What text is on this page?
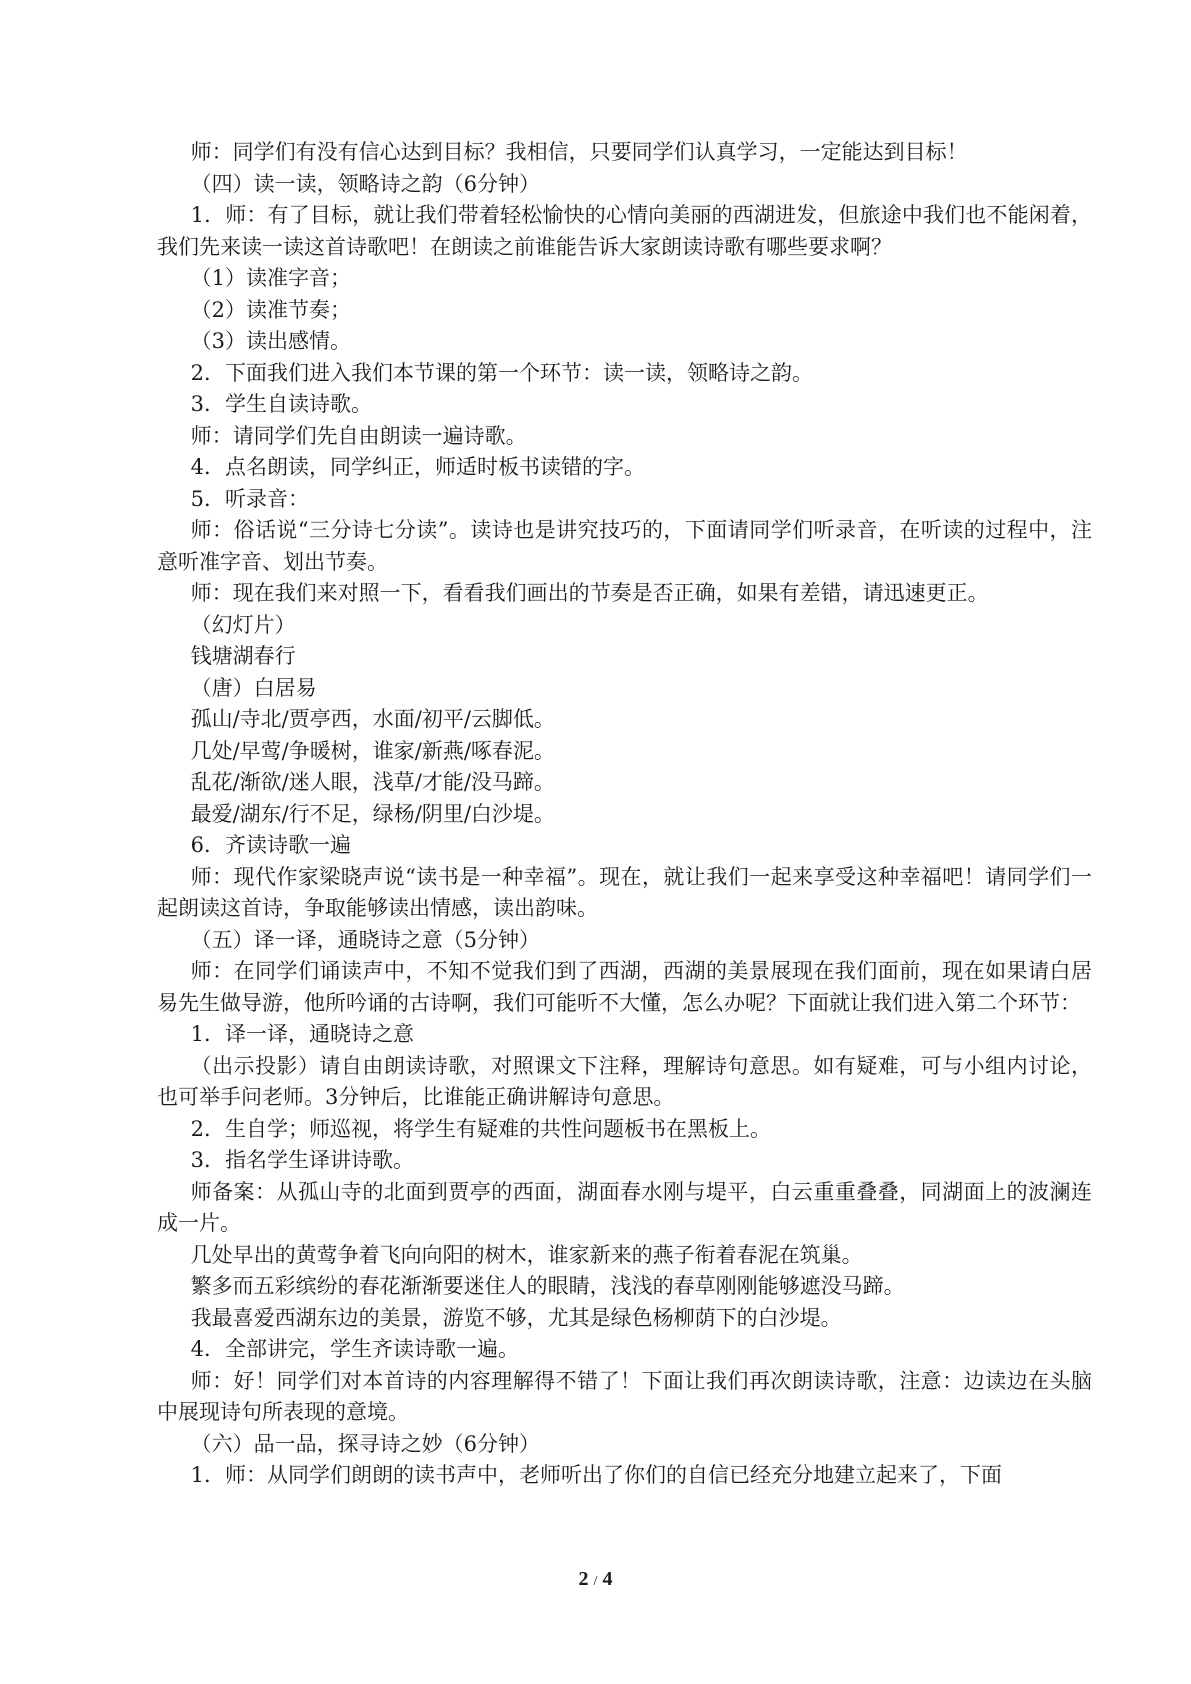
师：同学们有没有信心达到目标？我相信，只要同学们认真学习，一定能达到目标！

（四）读一读，领略诗之韵（6分钟）

1．师：有了目标，就让我们带着轻松愉快的心情向美丽的西湖进发，但旅途中我们也不能闲着，我们先来读一读这首诗歌吧！在朗读之前谁能告诉大家朗读诗歌有哪些要求啊？

（1）读准字音；

（2）读准节奏；

（3）读出感情。

2．下面我们进入我们本节课的第一个环节：读一读，领略诗之韵。

3．学生自读诗歌。

师：请同学们先自由朗读一遍诗歌。

4．点名朗读，同学纠正，师适时板书读错的字。

5．听录音：

师：俗话说“三分诗七分读”。读诗也是讲究技巧的，下面请同学们听录音，在听读的过程中，注意听准字音、划出节奏。

师：现在我们来对照一下，看看我们画出的节奏是否正确，如果有差错，请迅速更正。

（幻灯片）

钱塘湖春行

（唐）白居易

孤山/寺北/贾亭西，水面/初平/云脚低。

几处/早莺/争暖树，谁家/新燕/啄春泥。

乱花/渐欲/迷人眼，浅草/才能/没马蹄。

最爱/湖东/行不足，绿杨/阴里/白沙堤。

6．齐读诗歌一遍

师：现代作家梁晓声说“读书是一种幸福”。现在，就让我们一起来享受这种幸福吧！请同学们一起朗读这首诗，争取能够读出情感，读出韵味。

（五）译一译，通晓诗之意（5分钟）

师：在同学们诵读声中，不知不觉我们到了西湖，西湖的美景展现在我们面前，现在如果请白居易先生做导游，他所吟诵的古诗啊，我们可能听不大懂，怎么办呢？下面就让我们进入第二个环节：

1．译一译，通晓诗之意

（出示投影）请自由朗读诗歌，对照课文下注释，理解诗句意思。如有疑难，可与小组内讨论，也可举手问老师。3分钟后，比谁能正确讲解诗句意思。

2．生自学；师巡视，将学生有疑难的共性问题板书在黑板上。

3．指名学生译讲诗歌。

师备案：从孤山寺的北面到贾亭的西面，湖面春水刚与堤平，白云重重叠叠，同湖面上的波澜连成一片。

几处早出的黄莺争着飞向向阳的树木，谁家新来的燕子衔着春泥在筑巢。

繁多而五彩缤纷的春花渐渐要迷住人的眼睛，浅浅的春草刚刚能够遮没马蹄。

我最喜爱西湖东边的美景，游览不够，尤其是绿色杨柳荫下的白沙堤。

4．全部讲完，学生齐读诗歌一遍。

师：好！同学们对本首诗的内容理解得不错了！下面让我们再次朗读诗歌，注意：边读边在头脑中展现诗句所表现的意境。

（六）品一品，探寻诗之妙（6分钟）

1．师：从同学们朗朗的读书声中，老师听出了你们的自信已经充分地建立起来了，下面

2 / 4
